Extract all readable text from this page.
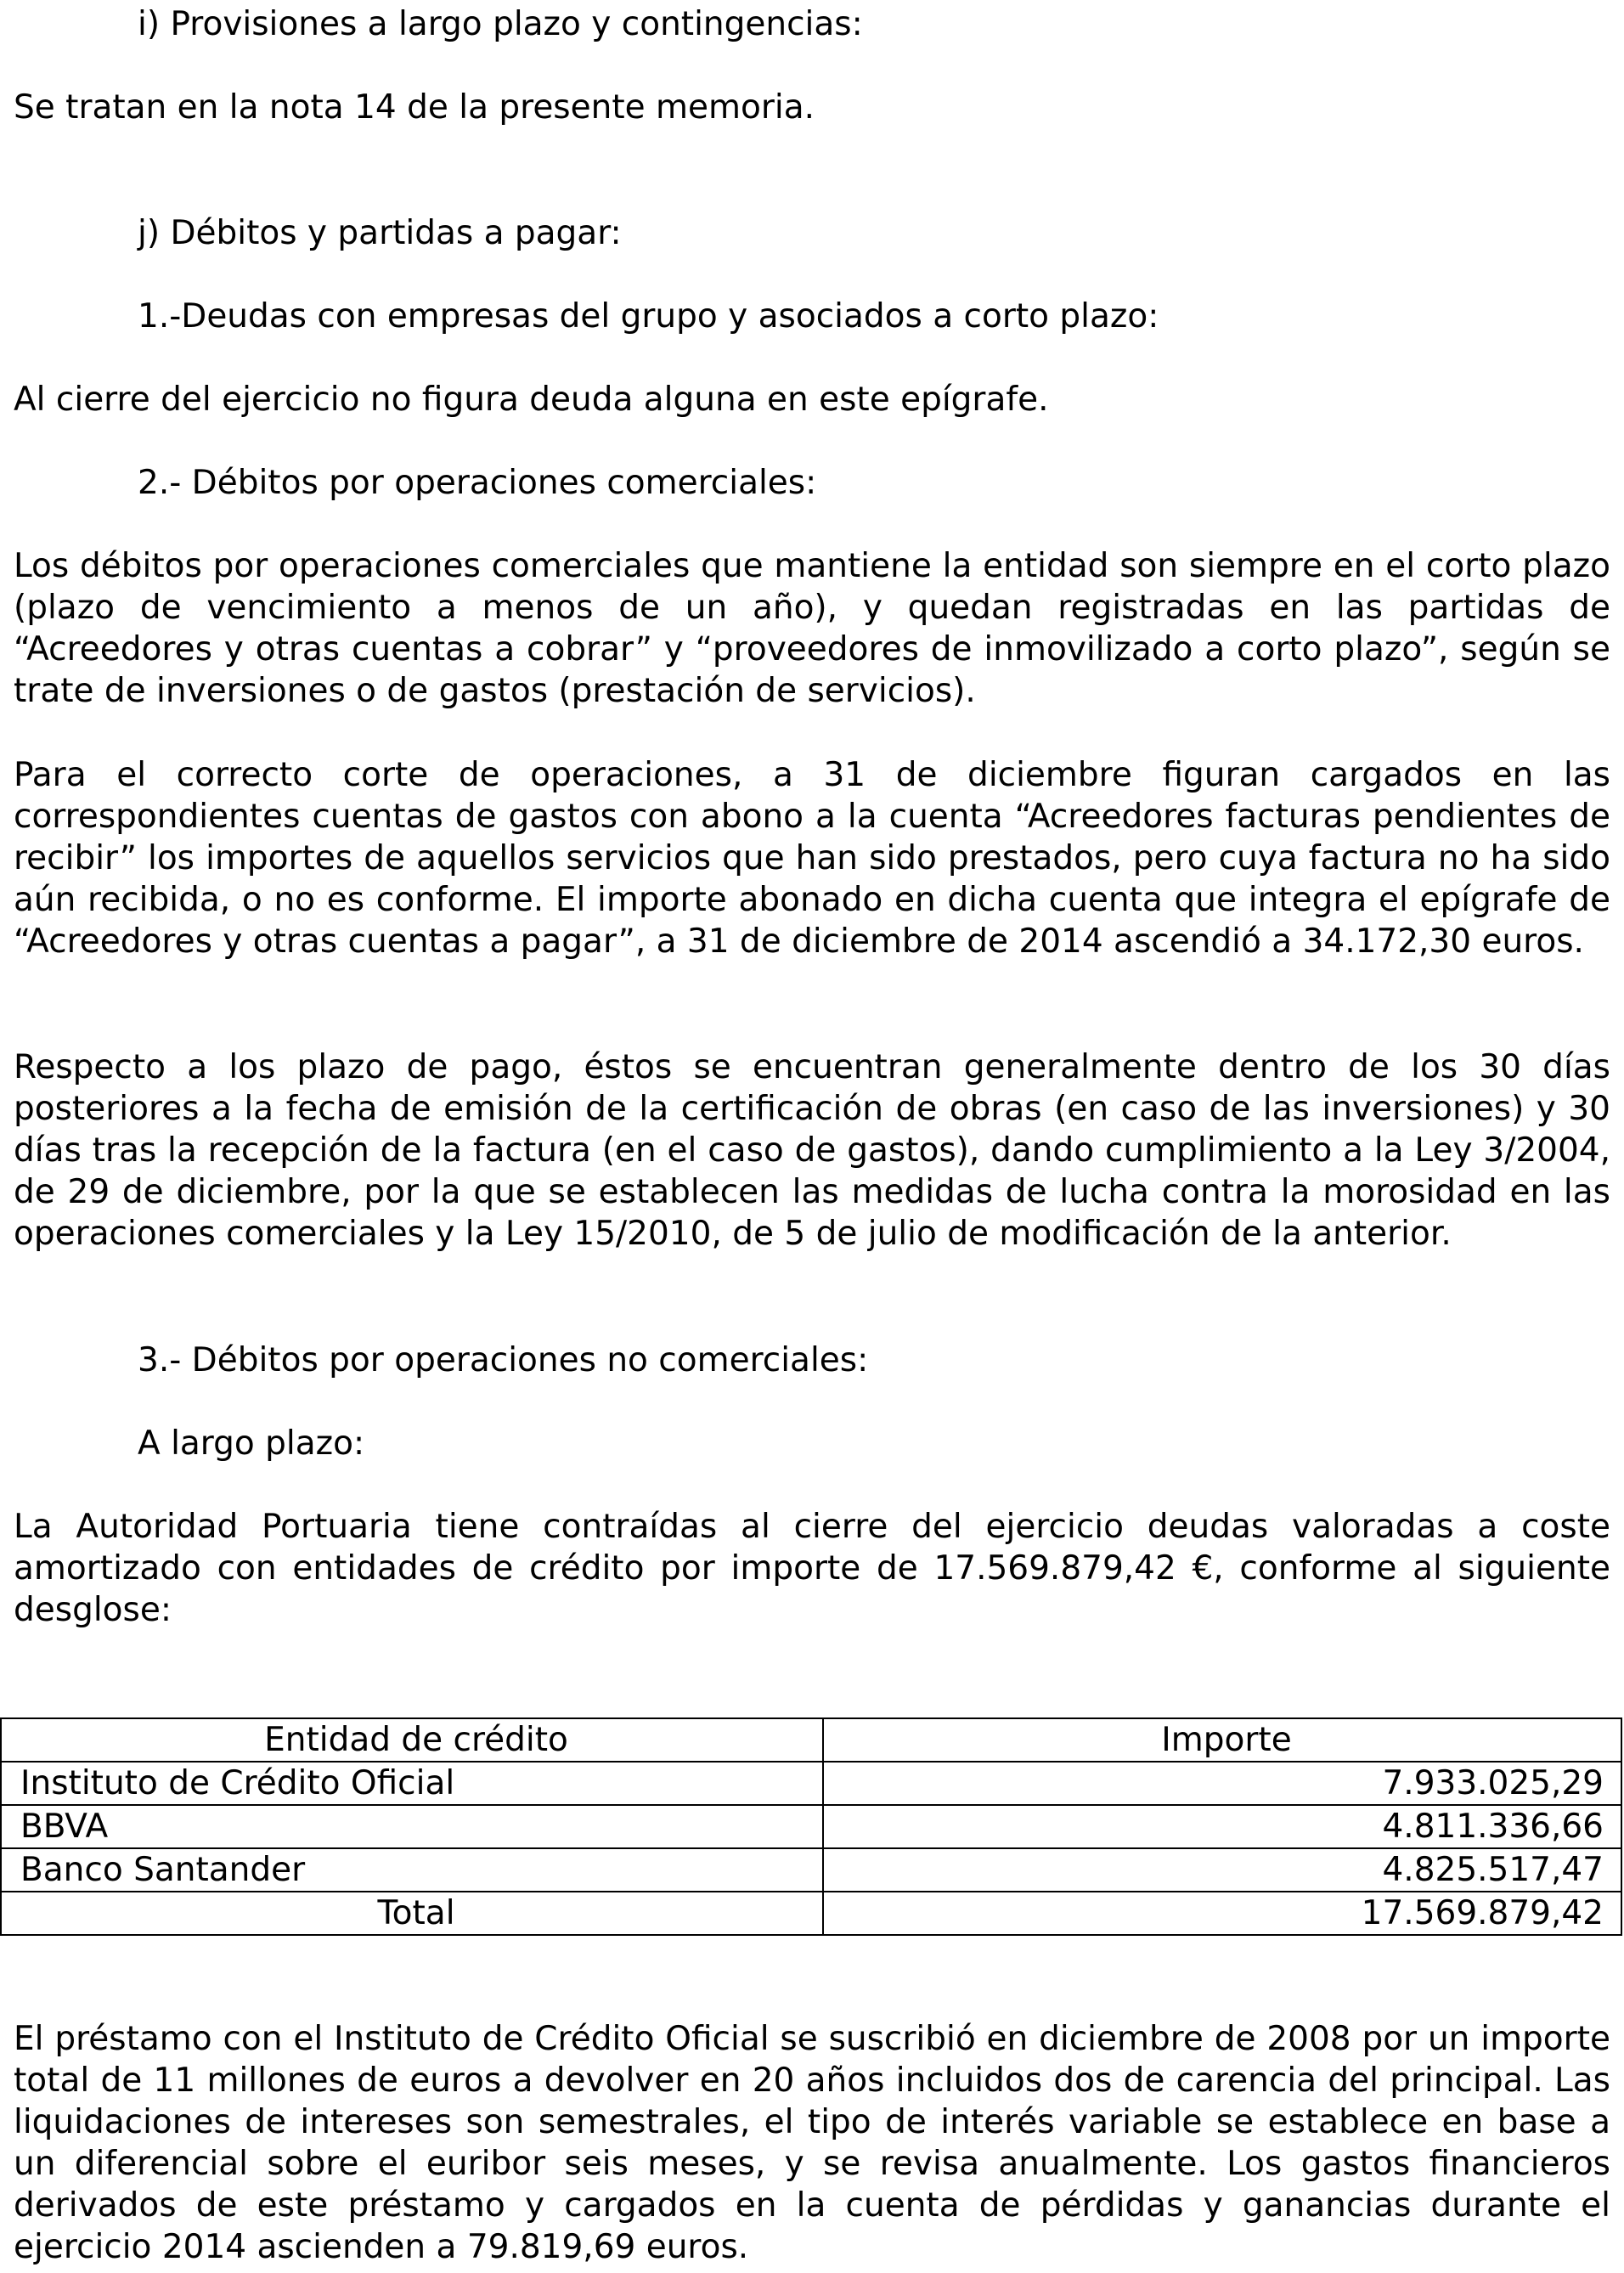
i) Provisiones a largo plazo y contingencias:

Se tratan en la nota 14 de la presente memoria.

j) Débitos y partidas a pagar:

1.-Deudas con empresas del grupo y asociados a corto plazo:

Al cierre del ejercicio no figura deuda alguna en este epígrafe.

2.- Débitos por operaciones comerciales:

Los débitos por operaciones comerciales que mantiene la entidad son siempre en el corto plazo (plazo de vencimiento a menos de un año), y quedan registradas en las partidas de “Acreedores y otras cuentas a cobrar” y “proveedores de inmovilizado a corto plazo”, según se trate de inversiones o de gastos (prestación de servicios).

Para el correcto corte de operaciones, a 31 de diciembre figuran cargados en las correspondientes cuentas de gastos con abono a la cuenta “Acreedores facturas pendientes de recibir” los importes de aquellos servicios que han sido prestados, pero cuya factura no ha sido aún recibida, o no es conforme. El importe abonado en dicha cuenta que integra el epígrafe de “Acreedores y otras cuentas a pagar”, a 31 de diciembre de 2014 ascendió a 34.172,30 euros.

Respecto a los plazo de pago, éstos se encuentran generalmente dentro de los 30 días posteriores a la fecha de emisión de la certificación de obras (en caso de las inversiones) y 30 días tras la recepción de la factura (en el caso de gastos), dando cumplimiento a la Ley 3/2004, de 29 de diciembre, por la que se establecen las medidas de lucha contra la morosidad en las operaciones comerciales y la Ley 15/2010, de 5 de julio de modificación de la anterior.

3.- Débitos por operaciones no comerciales:

A largo plazo:

La Autoridad Portuaria tiene contraídas al cierre del ejercicio deudas valoradas a coste amortizado con entidades de crédito por importe de 17.569.879,42 €, conforme al siguiente desglose:

Entidad de crédito	Importe
Instituto de Crédito Oficial	7.933.025,29
BBVA	4.811.336,66
Banco Santander	4.825.517,47
Total	17.569.879,42

El préstamo con el Instituto de Crédito Oficial se suscribió en diciembre de 2008 por un importe total de 11 millones de euros a devolver en 20 años incluidos dos de carencia del principal. Las liquidaciones de intereses son semestrales, el tipo de interés variable se establece en base a un diferencial sobre el euribor seis meses, y se revisa anualmente. Los gastos financieros derivados de este préstamo y cargados en la cuenta de pérdidas y ganancias durante el ejercicio 2014 ascienden a 79.819,69 euros.
